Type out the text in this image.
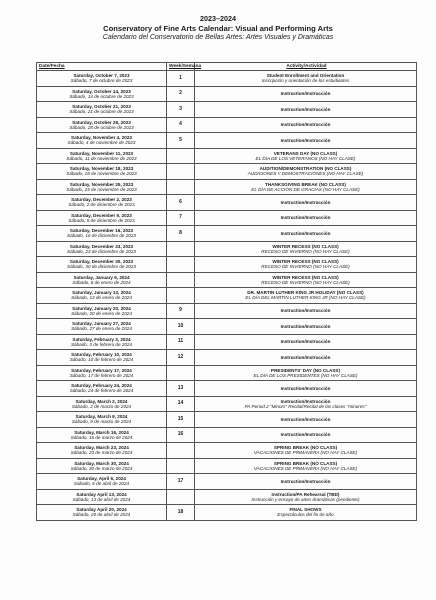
2023–2024
Conservatory of Fine Arts Calendar: Visual and Performing Arts
Calendario del Conservatorio de Bellas Artes: Artes Visuales y Dramáticas
Date/Fecha	Week/Semana	Activity/Actividad

Saturday, October 7, 2023
Sábado, 7 de octubre de 2023	1	Student Enrollment and Orientation
Inscripción y orientación de los estudiantes

Saturday, October 14, 2023
Sábado, 14 de octubre de 2023	2	Instruction/Instrucción

Saturday, October 21, 2023
Sábado, 21 de octubre de 2023	3	Instruction/Instrucción

Saturday, October 28, 2023
Sábado, 28 de octubre de 2023	4	Instruction/Instrucción

Saturday, November 4, 2023
Sábado, 4 de noviembre de 2023	5	Instruction/Instrucción

Saturday, November 11, 2023
Sábado, 11 de noviembre de 2023		VETERANS DAY (NO CLASS)
EL DÍA DE LOS VETERANOS (NO HAY CLASE)

Saturday, November 18, 2023
Sábado, 18 de noviembre de 2023		AUDITION/DEMONSTRATION (NO CLASS)
AUDICIONES Y DEMOSTRACIONES (NO HAY CLASE)

Saturday, November 25, 2023
Sábado, 25 de noviembre de 2023		THANKSGIVING BREAK (NO CLASS)
EL DÍA DE ACCIÓN DE GRACIAS (NO HAY CLASE)

Saturday, December 2, 2023
Sábado, 2 de diciembre de 2023	6	Instruction/Instrucción

Saturday, December 9, 2023
Sábado, 9 de diciembre de 2023	7	Instruction/Instrucción

Saturday, December 16, 2023
Sábado, 16 de diciembre de 2023	8	Instruction/Instrucción

Saturday, December 23, 2023
Sábado, 23 de diciembre de 2023		WINTER RECESS (NO CLASS)
RECESO DE INVIERNO (NO HAY CLASE)

Saturday, December 30, 2023
Sábado, 30 de diciembre de 2023		WINTER RECESS (NO CLASS)
RECESO DE INVIERNO (NO HAY CLASE)

Saturday, January 6, 2024
Sábado, 6 de enero de 2024		WINTER RECESS (NO CLASS)
RECESO DE INVIERNO (NO HAY CLASE)

Saturday, January 13, 2024
Sábado, 13 de enero de 2024		DR. MARTIN LUTHER KING JR HOLIDAY (NO CLASS)
EL DÍA DEL MARTIN LUTHER KING JR (NO HAY CLASE)

Saturday, January 20, 2024
Sábado, 20 de enero de 2024	9	Instruction/Instrucción

Saturday, January 27, 2024
Sábado, 27 de enero de 2024	10	Instruction/Instrucción

Saturday, February 3, 2024
Sábado, 3 de febrero de 2024	11	Instruction/Instrucción

Saturday, February 10, 2024
Sábado, 10 de febrero de 2024	12	Instruction/Instrucción

Saturday, February 17, 2024
Sábado, 17 de febrero de 2024		PRESIDENTS' DAY (NO CLASS)
EL DÍA DE LOS PRESIDENTES (NO HAY CLASE)

Saturday, February 24, 2024
Sábado, 24 de febrero de 2024	13	Instruction/Instrucción

Saturday, March 2, 2024
Sábado, 2 de marzo de 2024	14	Instruction/Instrucción
PA Period 2 "Minors" Recital/Recital de las clases "minores"

Saturday, March 9, 2024
Sábado, 9 de marzo de 2024	15	Instruction/Instrucción

Saturday, March 16, 2024
Sábado, 16 de marzo de 2024	16	Instruction/Instrucción

Saturday, March 23, 2024
Sábado, 23 de marzo de 2024		SPRING BREAK (NO CLASS)
VACACIONES DE PRIMAVERA (NO HAY CLASE)

Saturday, March 30, 2024
Sábado, 30 de marzo de 2024		SPRING BREAK (NO CLASS)
VACACIONES DE PRIMAVERA (NO HAY CLASE)

Saturday, April 6, 2024
Sábado, 6 de abril de 2024	17	Instruction/Instrucción

Saturday April 13, 2024
Sábado, 13 de abril de 2024		Instruction/PA Rehearsal (TBD)
Instrucción y ensayo de artes dramáticas (pendiente)

Saturday April 20, 2024
Sábado, 20 de abril de 2024	18	FINAL SHOWS
Espectáculos del fin de año
